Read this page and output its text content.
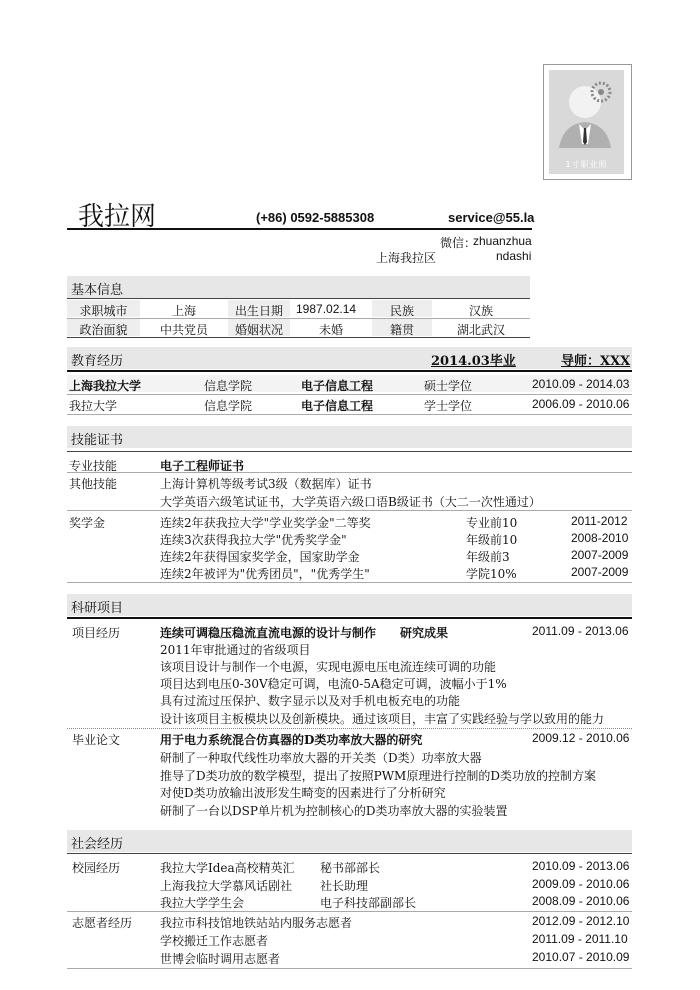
1寸职业照
我拉网	(+86) 0592-5885308	service@55.la
微信：
zhuanzhua
上海我拉区	ndashi
基本信息
求职城市	上海	出生日期	1987.02.14	民族	汉族
政治面貌	中共党员	婚姻状况	未婚	籍贯	湖北武汉
教育经历	2014.03毕业	导师：XXX
上海我拉大学	信息学院	电子信息工程	硕士学位	2010.09 - 2014.03
我拉大学	信息学院	电子信息工程	学士学位	2006.09 - 2010.06
技能证书
专业技能	电子工程师证书
其他技能	上海计算机等级考试3级（数据库）证书
大学英语六级笔试证书，大学英语六级口语B级证书（大二一次性通过）
奖学金	连续2年获我拉大学"学业奖学金"二等奖	专业前10	2011-2012
连续3次获得我拉大学"优秀奖学金"	年级前10	2008-2010
连续2年获得国家奖学金，国家助学金	年级前3	2007-2009
连续2年被评为"优秀团员"，"优秀学生"	学院10%	2007-2009
科研项目
项目经历	连续可调稳压稳流直流电源的设计与制作 研究成果	2011.09 - 2013.06
2011年审批通过的省级项目
该项目设计与制作一个电源，实现电源电压电流连续可调的功能
项目达到电压0-30V稳定可调，电流0-5A稳定可调，波幅小于1%
具有过流过压保护、数字显示以及对手机电板充电的功能
设计该项目主板模块以及创新模块。通过该项目，丰富了实践经验与学以致用的能力
毕业论文	用于电力系统混合仿真器的D类功率放大器的研究	2009.12 - 2010.06
研制了一种取代线性功率放大器的开关类（D类）功率放大器
推导了D类功放的数学模型，提出了按照PWM原理进行控制的D类功放的控制方案
对使D类功放输出波形发生畸变的因素进行了分析研究
研制了一台以DSP单片机为控制核心的D类功率放大器的实验装置
社会经历
校园经历	我拉大学Idea高校精英汇 秘书部部长	2010.09 - 2013.06
上海我拉大学慕风话剧社 社长助理	2009.09 - 2010.06
我拉大学学生会	电子科技部副部长	2008.09 - 2010.06
志愿者经历 我拉市科技馆地铁站站内服务志愿者	2012.09 - 2012.10
学校搬迁工作志愿者	2011.09 - 2011.10
世博会临时调用志愿者	2010.07 - 2010.09
